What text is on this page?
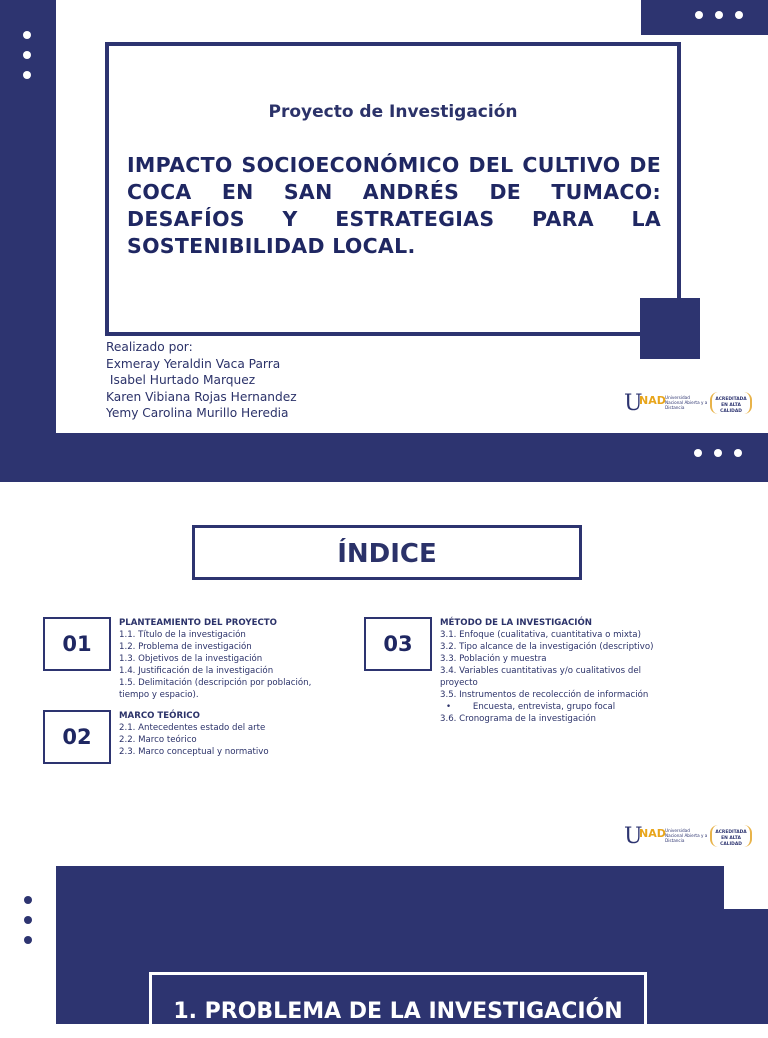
Proyecto de Investigación
IMPACTO SOCIOECONÓMICO DEL CULTIVO DE COCA EN SAN ANDRÉS DE TUMACO: DESAFÍOS Y ESTRATEGIAS PARA LA SOSTENIBILIDAD LOCAL.
Realizado por:
Exmeray Yeraldin Vaca Parra
Isabel Hurtado Marquez
Karen Vibiana Rojas Hernandez
Yemy Carolina Murillo Heredia	U
NAD Universidad Nacional Abierta y a Distancia
ACREDITADA EN ALTA CALIDAD
ÍNDICE
01
PLANTEAMIENTO DEL PROYECTO
1.1. Título de la investigación
1.2. Problema de investigación
1.3. Objetivos de la investigación
1.4. Justificación de la investigación
1.5. Delimitación (descripción por población, tiempo y espacio).
02
MARCO TEÓRICO
2.1. Antecedentes estado del arte
2.2. Marco teórico
2.3. Marco conceptual y normativo
03
MÉTODO DE LA INVESTIGACIÓN
3.1. Enfoque (cualitativa, cuantitativa o mixta)
3.2. Tipo alcance de la investigación (descriptivo)
3.3. Población y muestra
3.4. Variables cuantitativas y/o cualitativos del proyecto
3.5. Instrumentos de recolección de información
•        Encuesta, entrevista, grupo focal
3.6. Cronograma de la investigación
U
NAD Universidad Nacional Abierta y a Distancia
ACREDITADA EN ALTA CALIDAD
1. PROBLEMA DE LA INVESTIGACIÓN
